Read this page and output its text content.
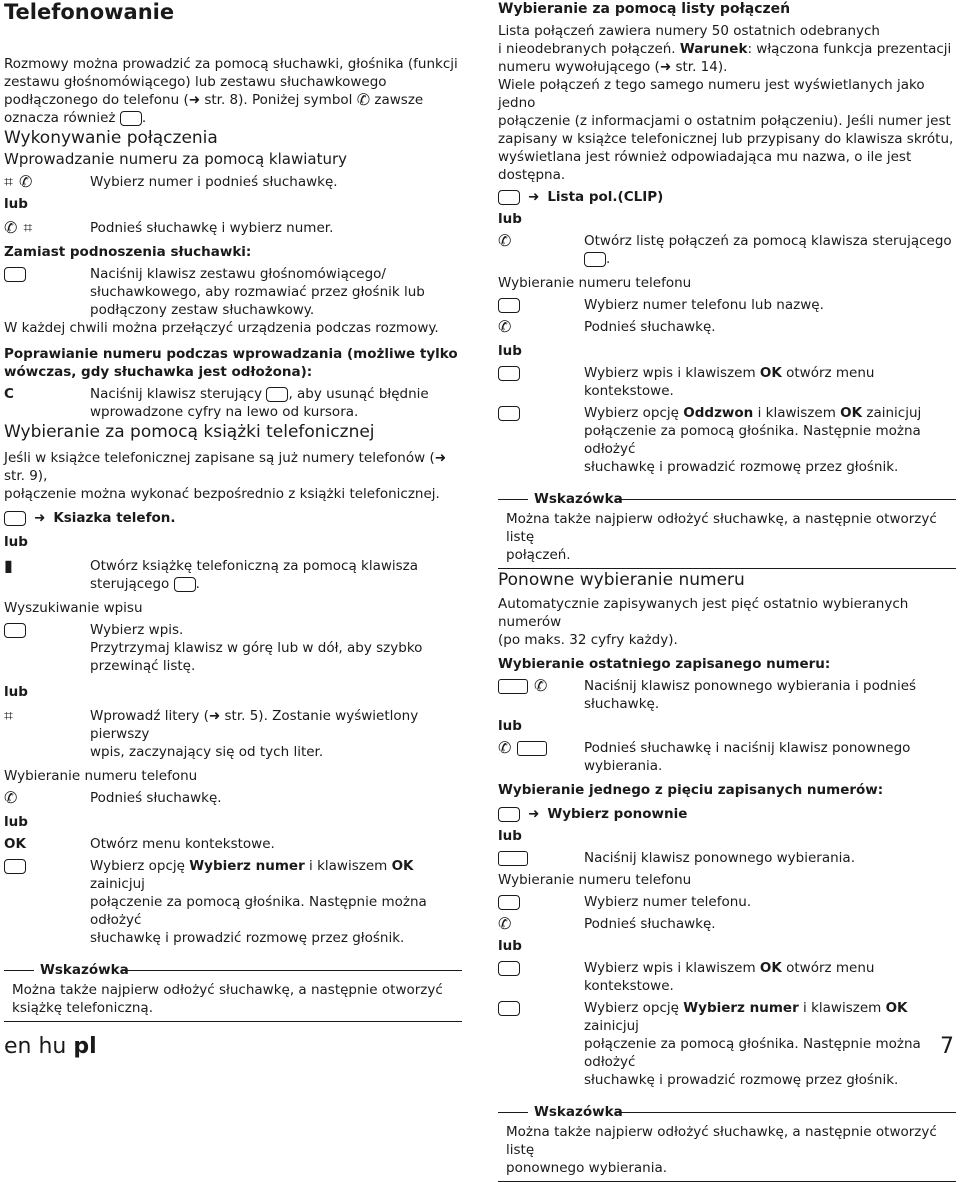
Telefonowanie
Rozmowy można prowadzić za pomocą słuchawki, głośnika (funkcji
zestawu głośnomówiącego) lub zestawu słuchawkowego
podłączonego do telefonu (➜ str. 8). Poniżej symbol ✆ zawsze
oznacza również .
Wykonywanie połączenia
Wprowadzanie numeru za pomocą klawiatury
⌗ ✆	Wybierz numer i podnieś słuchawkę.
lub
✆ ⌗	Podnieś słuchawkę i wybierz numer.
Zamiast podnoszenia słuchawki:
Naciśnij klawisz zestawu głośnomówiącego/
słuchawkowego, aby rozmawiać przez głośnik lub
podłączony zestaw słuchawkowy.
W każdej chwili można przełączyć urządzenia podczas rozmowy.
Poprawianie numeru podczas wprowadzania (możliwe tylko
wówczas, gdy słuchawka jest odłożona):
C	Naciśnij klawisz sterujący , aby usunąć błędnie
wprowadzone cyfry na lewo od kursora.
Wybieranie za pomocą książki telefonicznej
Jeśli w książce telefonicznej zapisane są już numery telefonów (➜ str. 9),
połączenie można wykonać bezpośrednio z książki telefonicznej.
➜ Ksiazka telefon.
lub
▮	Otwórz książkę telefoniczną za pomocą klawisza
sterującego .
Wyszukiwanie wpisu
Wybierz wpis.
Przytrzymaj klawisz w górę lub w dół, aby szybko
przewinąć listę.
lub
⌗	Wprowadź litery (➜ str. 5). Zostanie wyświetlony pierwszy
wpis, zaczynający się od tych liter.
Wybieranie numeru telefonu
✆	Podnieś słuchawkę.
lub
OK	Otwórz menu kontekstowe.
Wybierz opcję Wybierz numer i klawiszem OK zainicjuj
połączenie za pomocą głośnika. Następnie można odłożyć
słuchawkę i prowadzić rozmowę przez głośnik.
Wskazówka
Można także najpierw odłożyć słuchawkę, a następnie otworzyć
książkę telefoniczną.
Wybieranie za pomocą listy połączeń
Lista połączeń zawiera numery 50 ostatnich odebranych
i nieodebranych połączeń. Warunek: włączona funkcja prezentacji
numeru wywołującego (➜ str. 14).
Wiele połączeń z tego samego numeru jest wyświetlanych jako jedno
połączenie (z informacjami o ostatnim połączeniu). Jeśli numer jest
zapisany w książce telefonicznej lub przypisany do klawisza skrótu,
wyświetlana jest również odpowiadająca mu nazwa, o ile jest dostępna.
➜ Lista pol.(CLIP)
lub
✆	Otwórz listę połączeń za pomocą klawisza sterującego .
Wybieranie numeru telefonu
Wybierz numer telefonu lub nazwę.
✆	Podnieś słuchawkę.
lub
Wybierz wpis i klawiszem OK otwórz menu kontekstowe.
Wybierz opcję Oddzwon i klawiszem OK zainicjuj
połączenie za pomocą głośnika. Następnie można odłożyć
słuchawkę i prowadzić rozmowę przez głośnik.
Wskazówka
Można także najpierw odłożyć słuchawkę, a następnie otworzyć listę
połączeń.
Ponowne wybieranie numeru
Automatycznie zapisywanych jest pięć ostatnio wybieranych numerów
(po maks. 32 cyfry każdy).
Wybieranie ostatniego zapisanego numeru:
✆	Naciśnij klawisz ponownego wybierania i podnieś
słuchawkę.
lub
✆	Podnieś słuchawkę i naciśnij klawisz ponownego
wybierania.
Wybieranie jednego z pięciu zapisanych numerów:
➜ Wybierz ponownie
lub
Naciśnij klawisz ponownego wybierania.
Wybieranie numeru telefonu
Wybierz numer telefonu.
✆	Podnieś słuchawkę.
lub
Wybierz wpis i klawiszem OK otwórz menu kontekstowe.
Wybierz opcję Wybierz numer i klawiszem OK zainicjuj
połączenie za pomocą głośnika. Następnie można odłożyć
słuchawkę i prowadzić rozmowę przez głośnik.
Wskazówka
Można także najpierw odłożyć słuchawkę, a następnie otworzyć listę
ponownego wybierania.
en hu pl	7
